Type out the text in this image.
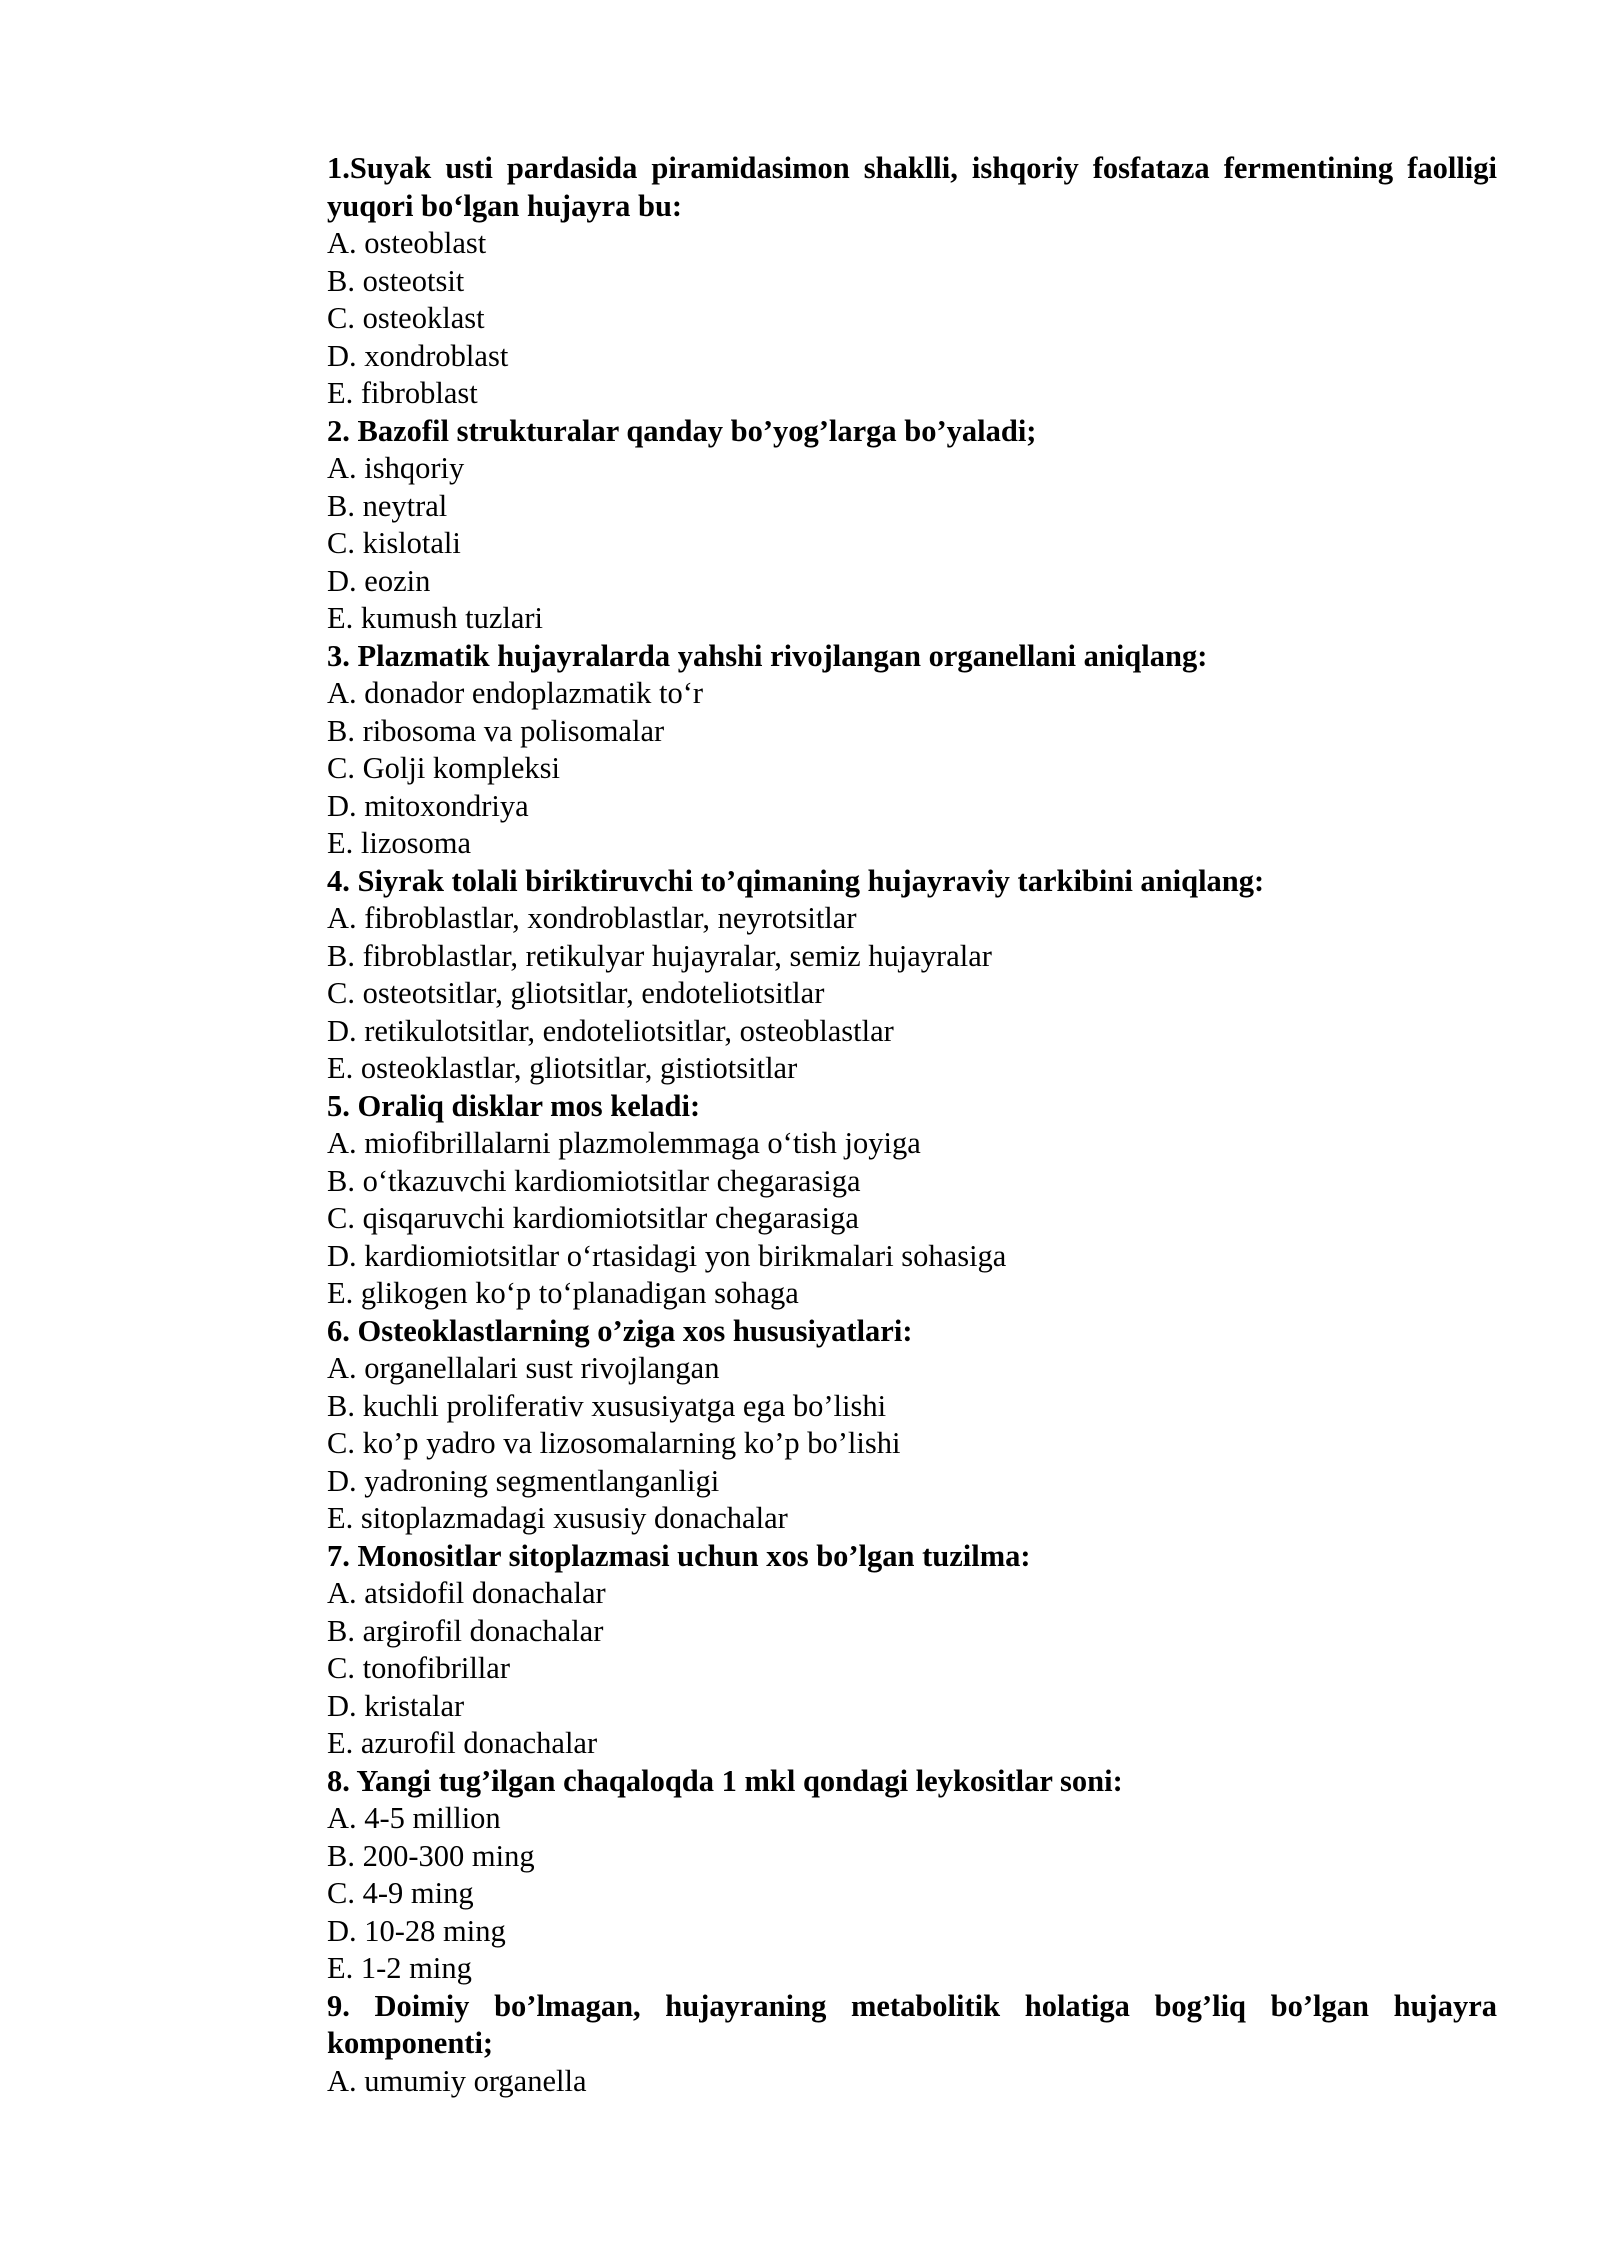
1.Suyak usti pardasida piramidasimon shaklli, ishqoriy fosfataza fermentining faolligi yuqori bo‘lgan hujayra bu:

A. osteoblast

B. osteotsit

C. osteoklast

D. xondroblast

E. fibroblast

2. Bazofil strukturalar qanday bo’yog’larga bo’yaladi;

A. ishqoriy

B. neytral

C. kislotali

D. eozin

E. kumush tuzlari

3. Plazmatik hujayralarda yahshi rivojlangan organellani aniqlang:

A. donador endoplazmatik to‘r

B. ribosoma va polisomalar

C. Golji kompleksi

D. mitoxondriya

E. lizosoma

4. Siyrak tolali biriktiruvchi to’qimaning hujayraviy tarkibini aniqlang:

A. fibroblastlar, xondroblastlar, neyrotsitlar

B. fibroblastlar, retikulyar hujayralar, semiz hujayralar

C. osteotsitlar, gliotsitlar, endoteliotsitlar

D. retikulotsitlar, endoteliotsitlar, osteoblastlar

E. osteoklastlar, gliotsitlar, gistiotsitlar

5. Oraliq disklar mos keladi:

A. miofibrillalarni plazmolemmaga o‘tish joyiga

B. o‘tkazuvchi kardiomiotsitlar chegarasiga

C. qisqaruvchi kardiomiotsitlar chegarasiga

D. kardiomiotsitlar o‘rtasidagi yon birikmalari sohasiga

E. glikogen ko‘p to‘planadigan sohaga

6. Osteoklastlarning o’ziga xos hususiyatlari:

A. organellalari sust rivojlangan

B. kuchli proliferativ xususiyatga ega bo’lishi

C. ko’p yadro va lizosomalarning ko’p bo’lishi

D. yadroning segmentlanganligi

E. sitoplazmadagi xususiy donachalar

7. Monositlar sitoplazmasi uchun xos bo’lgan tuzilma:

A. atsidofil donachalar

B. argirofil donachalar

C. tonofibrillar

D. kristalar

E. azurofil donachalar

8. Yangi tug’ilgan chaqaloqda 1 mkl qondagi leykositlar soni:

A. 4-5 million

B. 200-300 ming

C. 4-9 ming

D. 10-28 ming

E. 1-2 ming

9. Doimiy bo’lmagan, hujayraning metabolitik holatiga bog’liq bo’lgan hujayra komponenti;

A. umumiy organella
